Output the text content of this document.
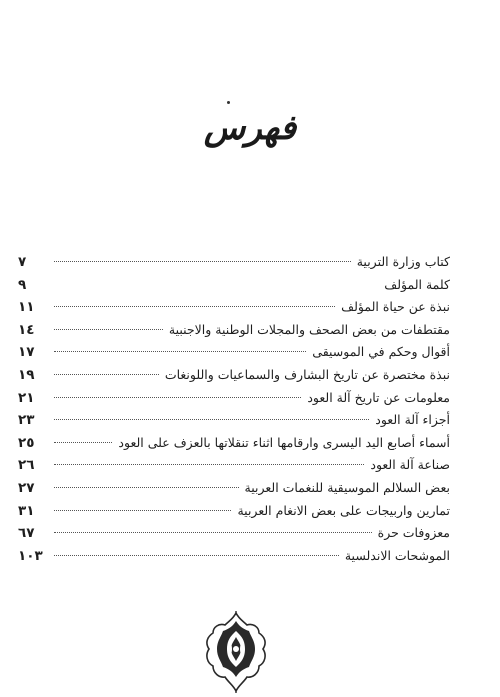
فهرس
كتاب وزارة التربية
٧
كلمة المؤلف
٩
نبذة عن حياة المؤلف
١١
مقتطفات من بعض الصحف والمجلات الوطنية والاجنبية
١٤
أقوال وحكم في الموسيقى
١٧
نبذة مختصرة عن تاريخ البشارف والسماعيات واللونغات
١٩
معلومات عن تاريخ آلة العود
٢١
أجزاء آلة العود
٢٣
أسماء أصابع اليد اليسرى وارقامها اثناء تنقلاتها بالعزف على العود
٢٥
صناعة آلة العود
٢٦
بعض السلالم الموسيقية للنغمات العربية
٢٧
تمارين واربيجات على بعض الانغام العربية
٣١
معزوفات حرة
٦٧
الموشحات الاندلسية
١٠٣
